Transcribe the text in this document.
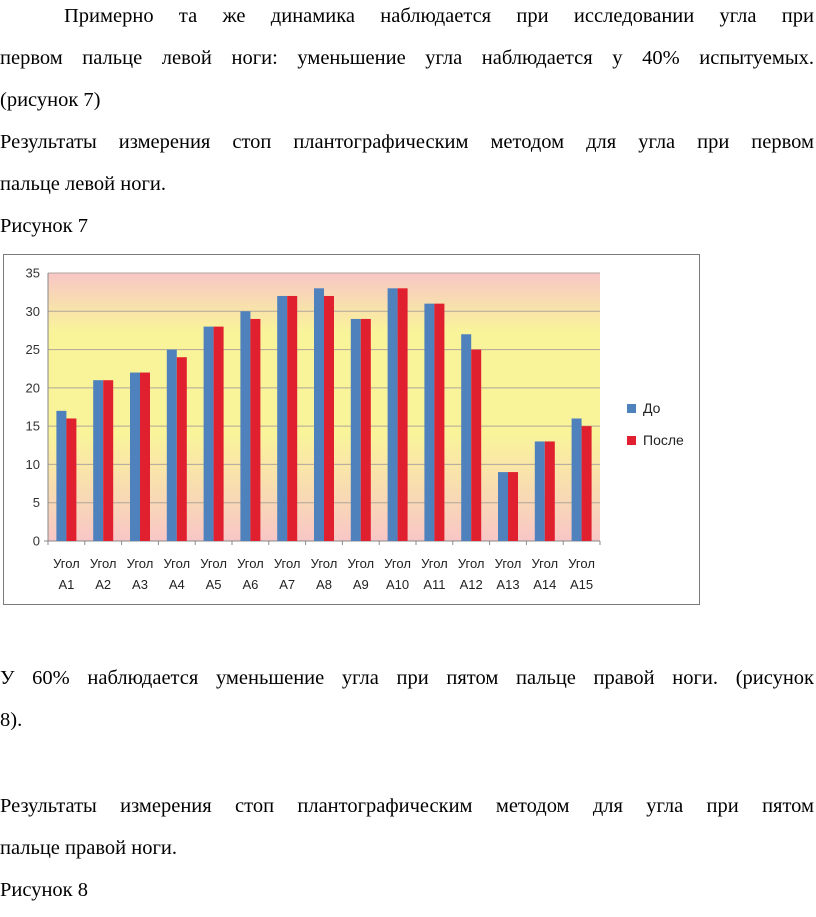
Примерно та же динамика наблюдается при исследовании угла при
первом пальце левой ноги: уменьшение угла наблюдается у 40% испытуемых.
(рисунок 7)
Результаты измерения стоп плантографическим методом для угла при первом
пальце левой ноги.
Рисунок 7
0
5
10
15
20
25
30
35
Угол
А1
Угол
А2
Угол
А3
Угол
А4
Угол
А5
Угол
А6
Угол
А7
Угол
А8
Угол
А9
Угол
А10
Угол
А11
Угол
А12
Угол
А13
Угол
А14
Угол
А15
До
После
У 60% наблюдается уменьшение угла при пятом пальце правой ноги. (рисунок
8).
Результаты измерения стоп плантографическим методом для угла при пятом
пальце правой ноги.
Рисунок 8
